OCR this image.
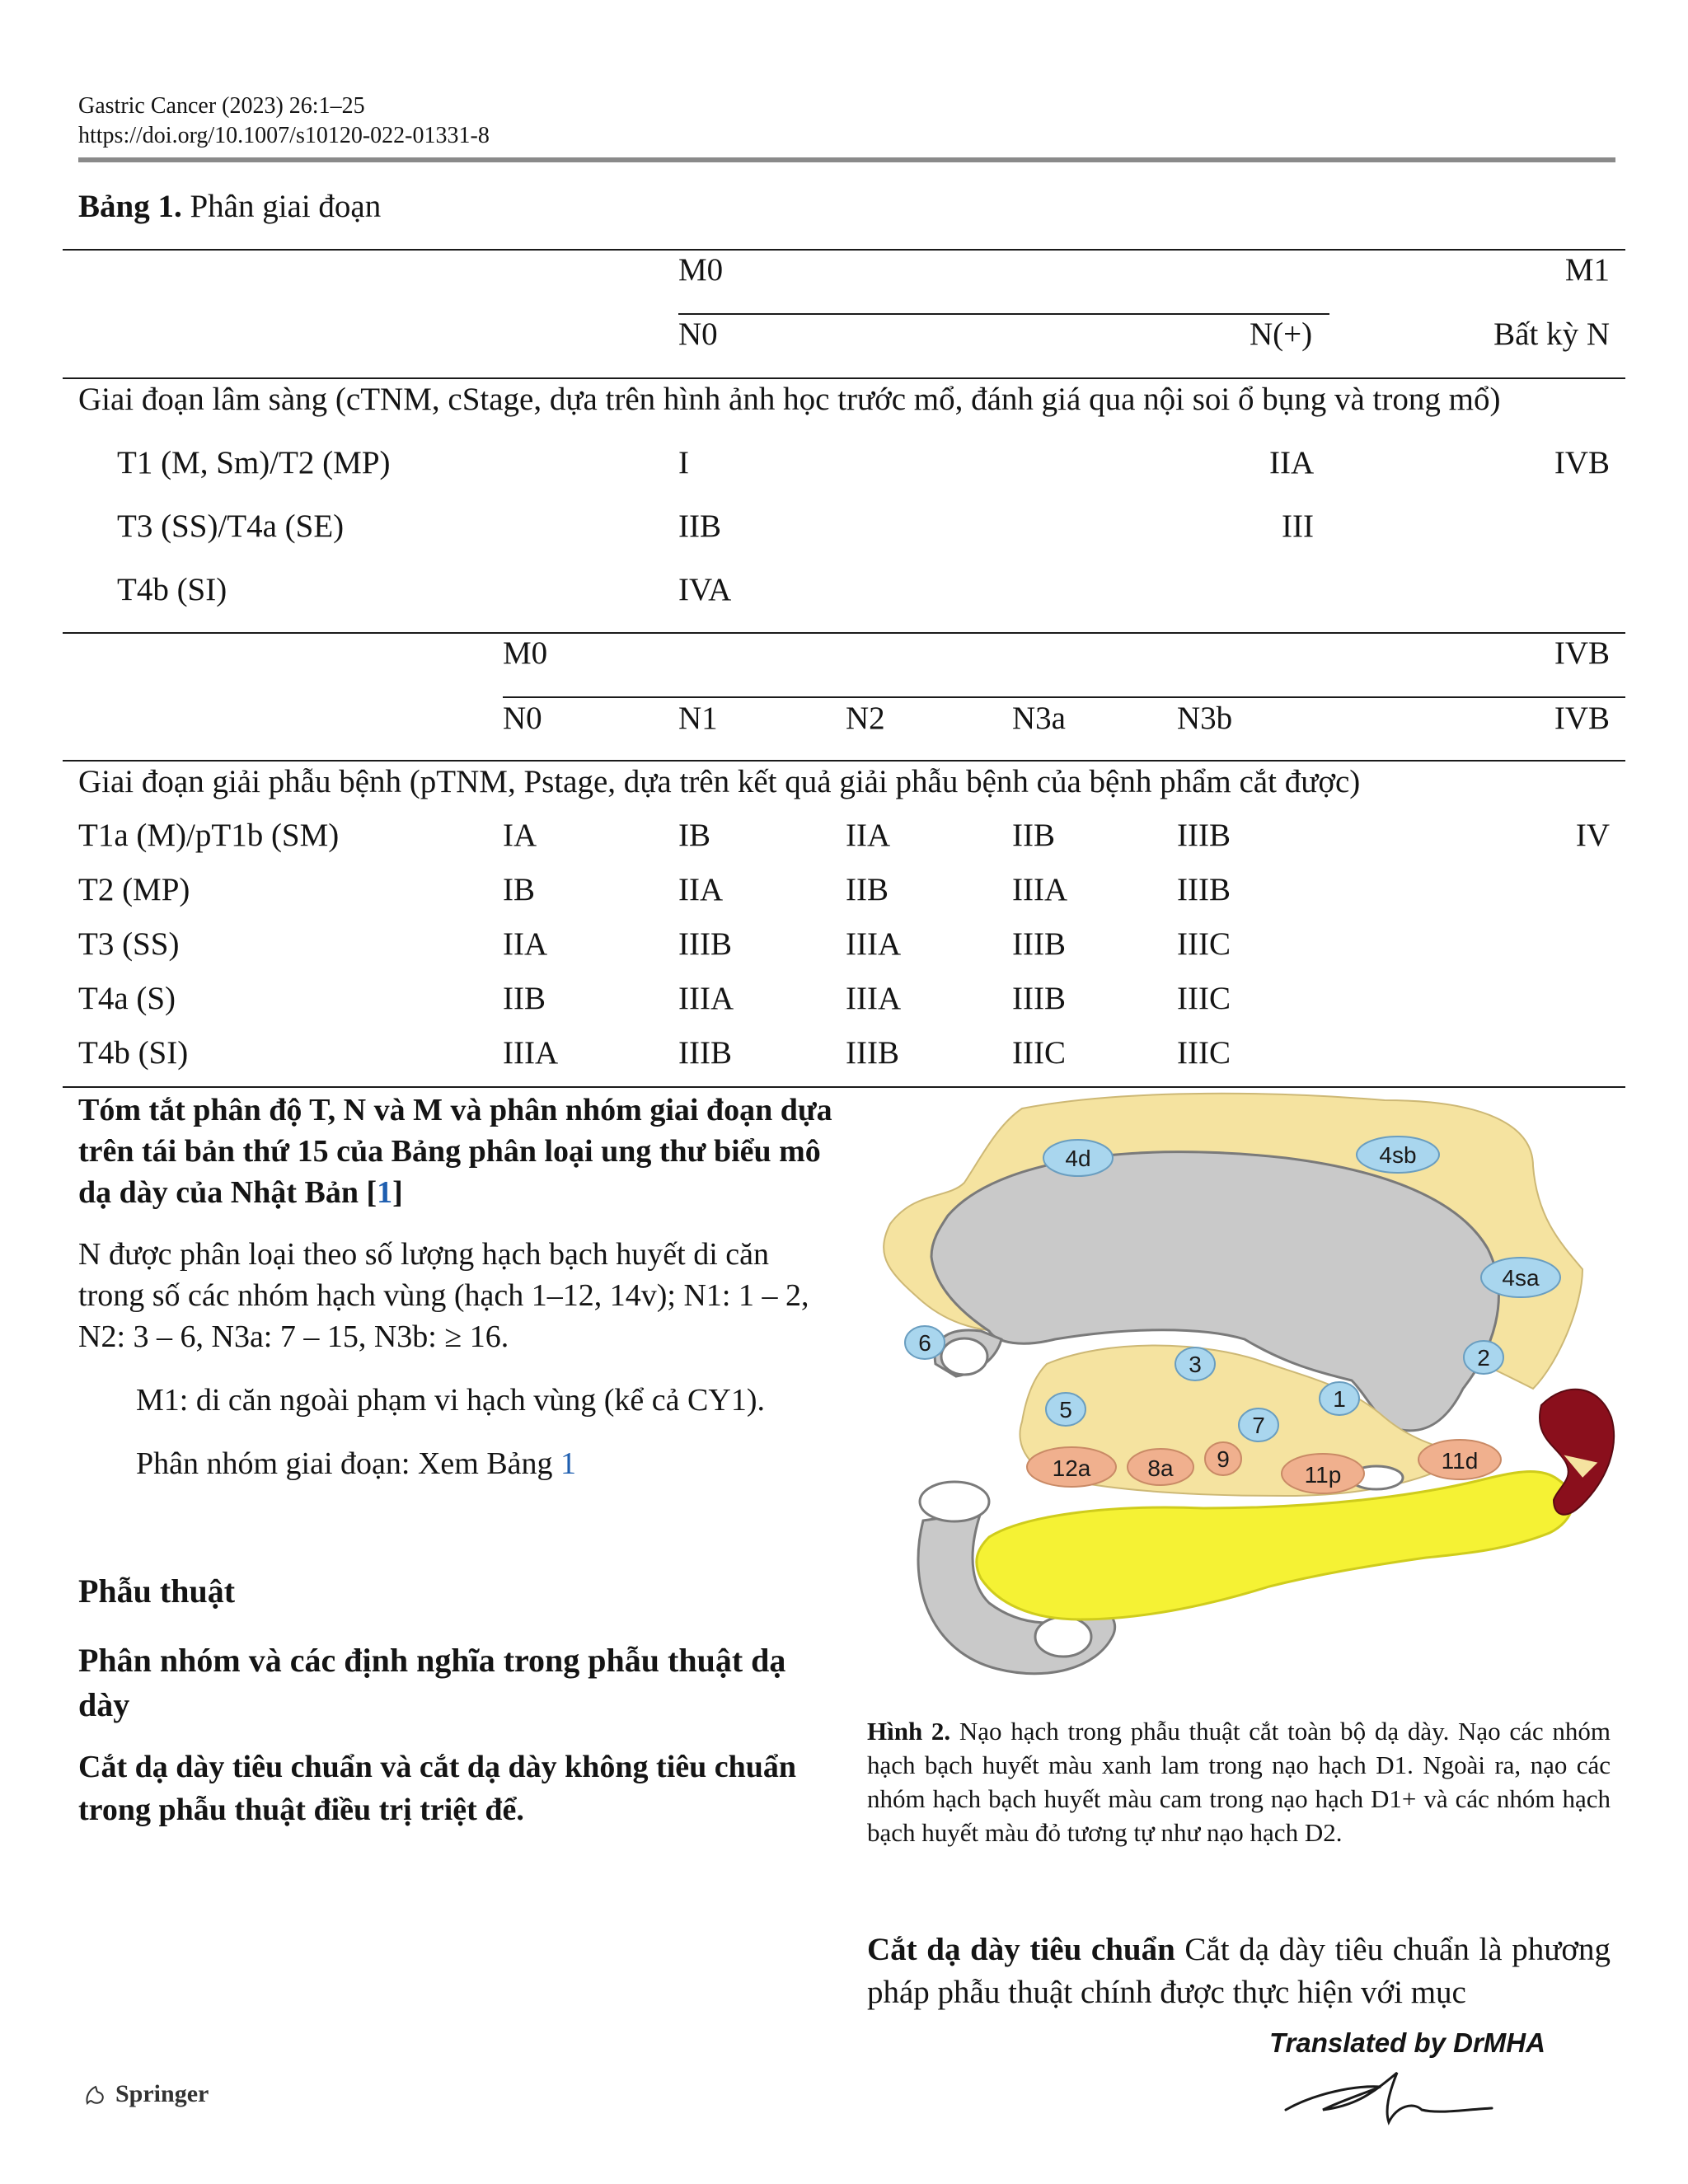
Gastric Cancer (2023) 26:1–25
https://doi.org/10.1007/s10120-022-01331-8
Bảng 1. Phân giai đoạn
M0	M1
N0	N(+)	Bất kỳ N
Giai đoạn lâm sàng (cTNM, cStage, dựa trên hình ảnh học trước mổ, đánh giá qua nội soi ổ bụng và trong mổ)
T1 (M, Sm)/T2 (MP)	I	IIA	IVB
T3 (SS)/T4a (SE)	IIB	III
T4b (SI)	IVA
M0	IVB
N0	N1	N2	N3a	N3b	IVB
Giai đoạn giải phẫu bệnh (pTNM, Pstage, dựa trên kết quả giải phẫu bệnh của bệnh phẩm cắt được)
T1a (M)/pT1b (SM)	IA	IB	IIA	IIB	IIIB	IV
T2 (MP)	IB	IIA	IIB	IIIA	IIIB
T3 (SS)	IIA	IIIB	IIIA	IIIB	IIIC
T4a (S)	IIB	IIIA	IIIA	IIIB	IIIC
T4b (SI)	IIIA	IIIB	IIIB	IIIC	IIIC
Tóm tắt phân độ T, N và M và phân nhóm giai đoạn dựa trên tái bản thứ 15 của Bảng phân loại ung thư biểu mô dạ dày của Nhật Bản [1]
N được phân loại theo số lượng hạch bạch huyết di căn trong số các nhóm hạch vùng (hạch 1–12, 14v); N1: 1 – 2, N2: 3 – 6, N3a: 7 – 15, N3b: ≥ 16.
M1: di căn ngoài phạm vi hạch vùng (kể cả CY1).
Phân nhóm giai đoạn: Xem Bảng 1
Phẫu thuật
Phân nhóm và các định nghĩa trong phẫu thuật dạ dày
Cắt dạ dày tiêu chuẩn và cắt dạ dày không tiêu chuẩn trong phẫu thuật điều trị triệt để.
4d	4sb
4sa
6
3	2
1
5
7
12a 8a 9
11p
11d
Hình 2. Nạo hạch trong phẫu thuật cắt toàn bộ dạ dày. Nạo các nhóm hạch bạch huyết màu xanh lam trong nạo hạch D1. Ngoài ra, nạo các nhóm hạch bạch huyết màu cam trong nạo hạch D1+ và các nhóm hạch bạch huyết màu đỏ tương tự như nạo hạch D2.
Cắt dạ dày tiêu chuẩn Cắt dạ dày tiêu chuẩn là phương pháp phẫu thuật chính được thực hiện với mục
Translated by DrMHA
Springer
